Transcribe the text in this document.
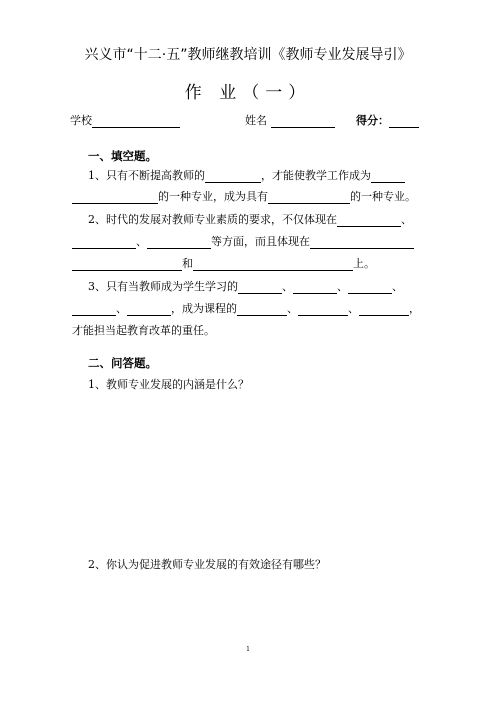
兴义市“十二·五”教师继教培训《教师专业发展导引》
作 业（一）
学校	姓名	得分：
一、填空题。
1、只有不断提高教师的	，才能使教学工作成为
的一种专业，成为具有	的一种专业。
2、时代的发展对教师专业素质的要求，不仅体现在	、
、	等方面，而且体现在
和	上。
3、只有当教师成为学生学习的	、	、	、
、	，成为课程的	、	、	，
才能担当起教育改革的重任。
二、问答题。
1、教师专业发展的内涵是什么？
2、你认为促进教师专业发展的有效途径有哪些？
1
